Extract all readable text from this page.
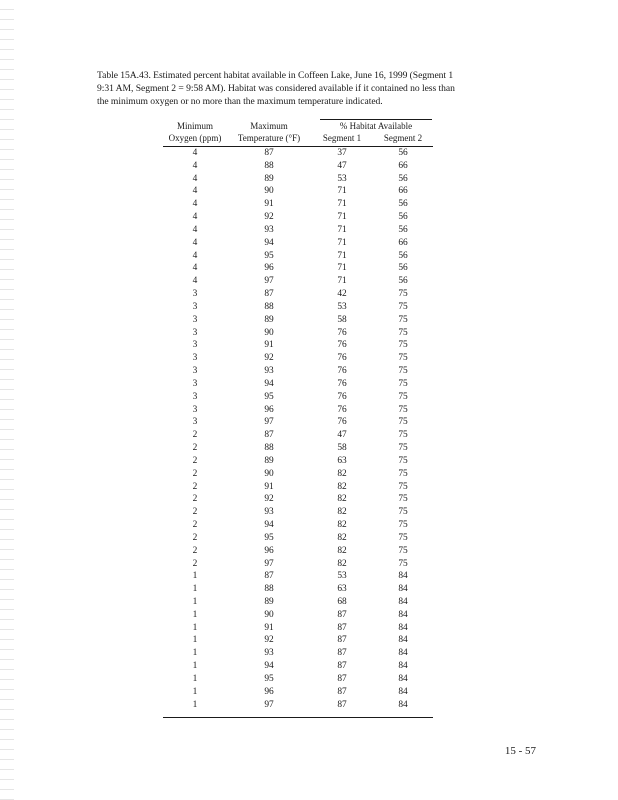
Table 15A.43. Estimated percent habitat available in Coffeen Lake, June 16, 1999 (Segment 1
9:31 AM, Segment 2 = 9:58 AM). Habitat was considered available if it contained no less than
the minimum oxygen or no more than the maximum temperature indicated.
% Habitat Available
Minimum	Maximum
Oxygen (ppm)	Temperature (°F)	Segment 1	Segment 2
4	87	37	56
4	88	47	66
4	89	53	56
4	90	71	66
4	91	71	56
4	92	71	56
4	93	71	56
4	94	71	66
4	95	71	56
4	96	71	56
4	97	71	56
3	87	42	75
3	88	53	75
3	89	58	75
3	90	76	75
3	91	76	75
3	92	76	75
3	93	76	75
3	94	76	75
3	95	76	75
3	96	76	75
3	97	76	75
2	87	47	75
2	88	58	75
2	89	63	75
2	90	82	75
2	91	82	75
2	92	82	75
2	93	82	75
2	94	82	75
2	95	82	75
2	96	82	75
2	97	82	75
1	87	53	84
1	88	63	84
1	89	68	84
1	90	87	84
1	91	87	84
1	92	87	84
1	93	87	84
1	94	87	84
1	95	87	84
1	96	87	84
1	97	87	84
15 - 57
